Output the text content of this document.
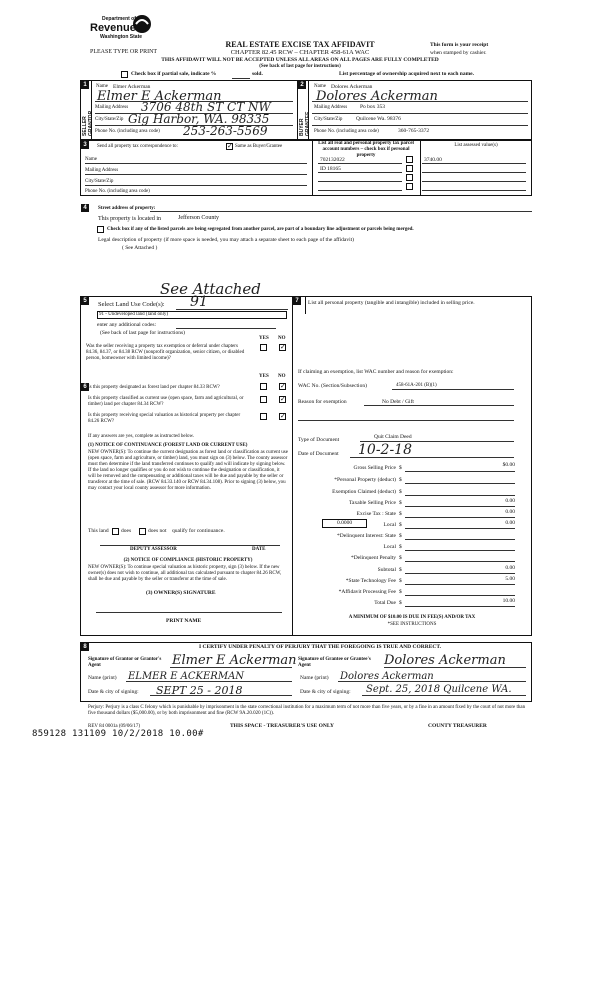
Department of
Revenue
Washington State
PLEASE TYPE OR PRINT
REAL ESTATE EXCISE TAX AFFIDAVIT
CHAPTER 82.45 RCW – CHAPTER 458-61A WAC
THIS AFFIDAVIT WILL NOT BE ACCEPTED UNLESS ALL AREAS ON ALL PAGES ARE FULLY COMPLETED
(See back of last page for instructions)
This form is your receipt
when stamped by cashier.
Check box if partial sale, indicate %	sold.	List percentage of ownership acquired next to each name.
1
SELLER GRANTOR
Name Elmer Ackerman
Elmer E Ackerman
Mailing Address 3706 48th ST CT NW
City/State/Zip Gig Harbor, WA. 98335
Phone No. (including area code) 253-263-5569
2
BUYER GRANTEE
Name Dolores Ackerman
Dolores Ackerman
Mailing Address Po box 353
City/State/Zip Quilcene Wa. 98376
Phone No. (including area code)	360-765-3372
3	Send all property tax correspondence to:	✓ Same as Buyer/Grantee
Name
Mailing Address
City/State/Zip
Phone No. (including area code)
List all real and personal property tax parcel account numbers – check box if personal property
List assessed value(s)
702132022	3740.00
ID 18165
4	Street address of property:
This property is located in	Jefferson County
Check box if any of the listed parcels are being segregated from another parcel, are part of a boundary line adjustment or parcels being merged.
Legal description of property (if more space is needed, you may attach a separate sheet to each page of the affidavit)
( See Attached )
See Attached
5	Select Land Use Code(s): 91
91 - Undeveloped land (land only)
enter any additional codes:
(See back of last page for instructions)
YES NO
Was the seller receiving a property tax exemption or deferral under chapters 84.36, 84.37, or 84.38 RCW (nonprofit organization, senior citizen, or disabled person, homeowner with limited income)?
✓
YES NO
6 Is this property designated as forest land per chapter 84.33 RCW?	✓
Is this property classified as current use (open space, farm and agricultural, or timber) land per chapter 84.34 RCW?
✓
Is this property receiving special valuation as historical property per chapter 84.26 RCW?
✓
If any answers are yes, complete as instructed below.
(1) NOTICE OF CONTINUANCE (FOREST LAND OR CURRENT USE)
NEW OWNER(S): To continue the current designation as forest land or classification as current use (open space, farm and agriculture, or timber) land, you must sign on (3) below. The county assessor must then determine if the land transferred continues to qualify and will indicate by signing below. If the land no longer qualifies or you do not wish to continue the designation or classification, it will be removed and the compensating or additional taxes will be due and payable by the seller or transferor at the time of sale. (RCW 84.33.140 or RCW 84.34.108). Prior to signing (3) below, you may contact your local county assessor for more information.
This land does	does not qualify for continuance.
DEPUTY ASSESSOR	DATE
(2) NOTICE OF COMPLIANCE (HISTORIC PROPERTY)
NEW OWNER(S): To continue special valuation as historic property, sign (3) below. If the new owner(s) does not wish to continue, all additional tax calculated pursuant to chapter 84.26 RCW, shall be due and payable by the seller or transferor at the time of sale.
(3) OWNER(S) SIGNATURE
PRINT NAME
7	List all personal property (tangible and intangible) included in selling price.
If claiming an exemption, list WAC number and reason for exemption:
WAC No. (Section/Subsection)	458-61A-201 (B)(1)
Reason for exemption	No Debt / Gift
Type of Document	Quit Claim Deed
Date of Document 10-2-18
Gross Selling Price $	$0.00
*Personal Property (deduct) $
Exemption Claimed (deduct) $
Taxable Selling Price $	0.00
Excise Tax : State $	0.00
0.0000	Local $	0.00
*Delinquent Interest: State $
Local $
*Delinquent Penalty $
Subtotal $	0.00
*State Technology Fee $	5.00
*Affidavit Processing Fee $
Total Due $	10.00
A MINIMUM OF $10.00 IS DUE IN FEE(S) AND/OR TAX
*SEE INSTRUCTIONS
8	I CERTIFY UNDER PENALTY OF PERJURY THAT THE FOREGOING IS TRUE AND CORRECT.
Signature of Grantor or Grantor's Agent	Elmer E Ackerman
Name (print) ELMER E ACKERMAN
Date & city of signing: SEPT 25 - 2018
Signature of Grantee or Grantee's Agent	Dolores Ackerman
Name (print) Dolores Ackerman
Date & city of signing: Sept. 25, 2018 Quilcene WA.
Perjury: Perjury is a class C felony which is punishable by imprisonment in the state correctional institution for a maximum term of not more than five years, or by a fine in an amount fixed by the court of not more than five thousand dollars ($5,000.00), or by both imprisonment and fine (RCW 9A.20.020 (1C)).
REV 84 0001a (09/06/17)	THIS SPACE - TREASURER'S USE ONLY	COUNTY TREASURER
859128 131109 10/2/2018 10.00#
